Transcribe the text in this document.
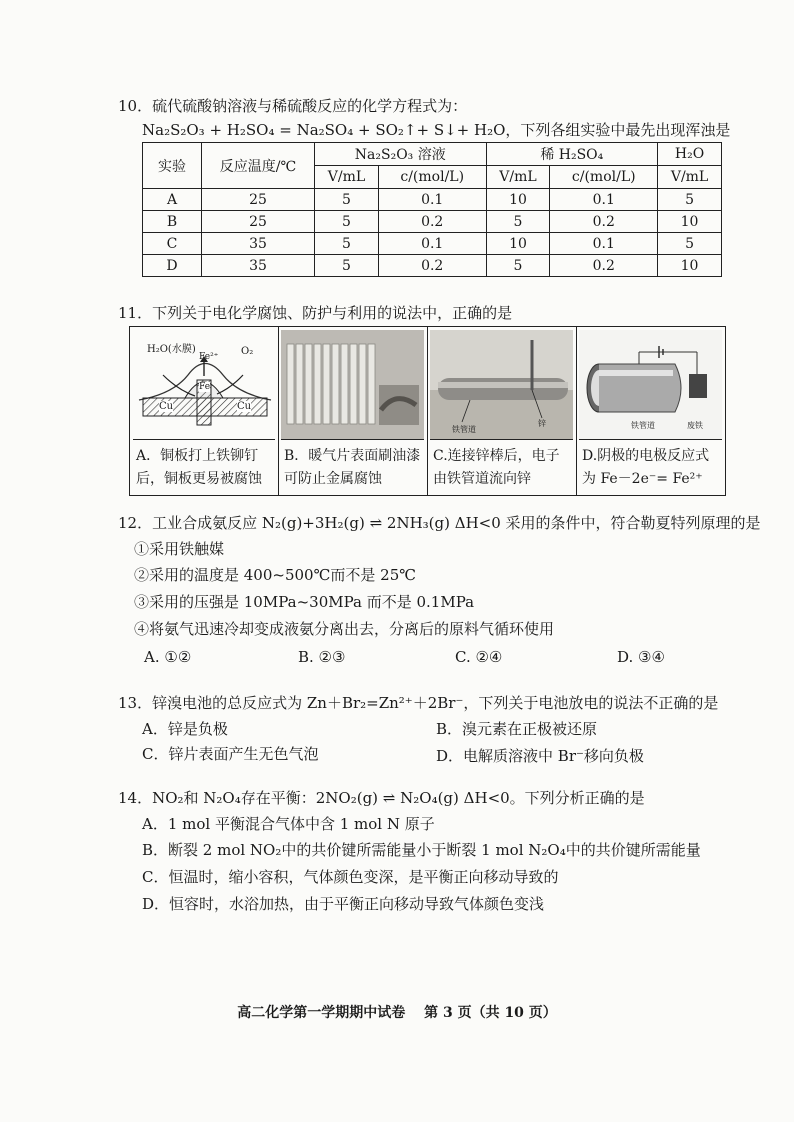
10．硫代硫酸钠溶液与稀硫酸反应的化学方程式为：
Na₂S₂O₃ + H₂SO₄ = Na₂SO₄ + SO₂↑+ S↓+ H₂O，下列各组实验中最先出现浑浊是
实验	反应温度/℃	Na₂S₂O₃ 溶液		稀 H₂SO₄		H₂O
		V/mL	c/(mol/L)	V/mL	c/(mol/L)	V/mL
A	25	5	0.1	10	0.1	5
B	25	5	0.2	5	0.2	10
C	35	5	0.1	10	0.1	5
D	35	5	0.2	5	0.2	10
11．下列关于电化学腐蚀、防护与利用的说法中，正确的是
H₂O(水膜)
Fe²⁺ O₂
Fe
Cu	Cu
A．铜板打上铁铆钉后，铜板更易被腐蚀
B．暖气片表面刷油漆可防止金属腐蚀
铁管道
锌
C.连接锌棒后，电子由铁管道流向锌
铁管道	废铁
D.阴极的电极反应式为 Fe－2e⁻= Fe²⁺
12．工业合成氨反应 N₂(g)+3H₂(g) ⇌ 2NH₃(g) ΔH<0 采用的条件中，符合勒夏特列原理的是
①采用铁触媒
②采用的温度是 400~500℃而不是 25℃
③采用的压强是 10MPa~30MPa 而不是 0.1MPa
④将氨气迅速冷却变成液氨分离出去，分离后的原料气循环使用
A. ①②	B. ②③	C. ②④	D. ③④
13．锌溴电池的总反应式为 Zn＋Br₂=Zn²⁺＋2Br⁻，下列关于电池放电的说法不正确的是
A．锌是负极	B．溴元素在正极被还原
C．锌片表面产生无色气泡	D．电解质溶液中 Br⁻移向负极
14．NO₂和 N₂O₄存在平衡：2NO₂(g) ⇌ N₂O₄(g) ΔH<0。下列分析正确的是
A．1 mol 平衡混合气体中含 1 mol N 原子
B．断裂 2 mol NO₂中的共价键所需能量小于断裂 1 mol N₂O₄中的共价键所需能量
C．恒温时，缩小容积，气体颜色变深，是平衡正向移动导致的
D．恒容时，水浴加热，由于平衡正向移动导致气体颜色变浅
高二化学第一学期期中试卷　 第 3 页（共 10 页）
